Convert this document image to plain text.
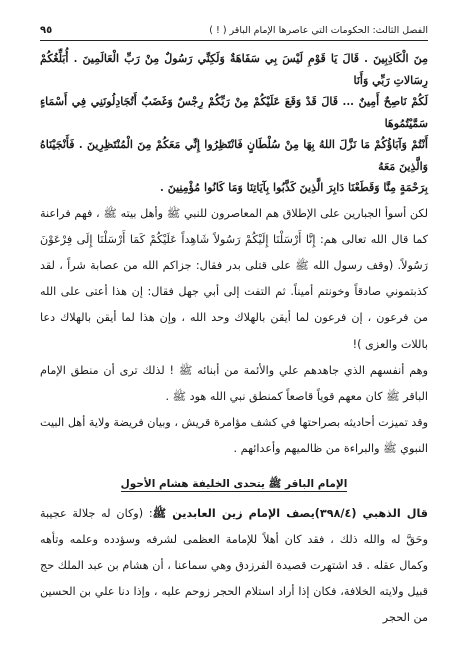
الفصل الثالث: الحكومات التي عاصرها الإمام الباقر ( ! )
٩٥

مِنَ الْكَاذِبِينَ . قَالَ يَا قَوْمِ لَيْسَ بِي سَفَاهَةٌ وَلَكِنِّي رَسُولٌ مِنْ رَبِّ الْعَالَمِينَ . أُبَلِّغُكُمْ رِسَالاتِ رَبِّي وَأَنَا

لَكُمْ نَاصِحٌ أَمِينٌ ... قَالَ قَدْ وَقَعَ عَلَيْكُمْ مِنْ رَبِّكُمْ رِجْسٌ وَغَضَبٌ أَتُجَادِلُونَنِي فِي أَسْمَاءٍ سَمَّيْتُمُوهَا

أَنْتُمْ وَآبَاؤُكُمْ مَا نَزَّلَ اللهُ بِهَا مِنْ سُلْطَانٍ فَانْتَظِرُوا إِنِّي مَعَكُمْ مِنَ الْمُنْتَظِرِينَ . فَأَنْجَيْنَاهُ وَالَّذِينَ مَعَهُ

بِرَحْمَةٍ مِنَّا وَقَطَعْنَا دَابِرَ الَّذِينَ كَذَّبُوا بِآيَاتِنَا وَمَا كَانُوا مُؤْمِنِينَ .

لكن أسوأ الجبارين على الإطلاق هم المعاصرون للنبي ﷺ وأهل بيته ﷺ ، فهم فراعنة كما قال الله تعالى هم: إِنَّا أَرْسَلْنَا إِلَيْكُمْ رَسُولاً شَاهِداً عَلَيْكُمْ كَمَا أَرْسَلْنَا إِلَى فِرْعَوْنَ رَسُولاً. (وقف رسول الله ﷺ على قتلى بدر فقال: جزاكم الله من عصابة شراً ، لقد كذبتموني صادقاً وخونتم أميناً. ثم التفت إلى أبي جهل فقال: إن هذا أعتى على الله من فرعون ، إن فرعون لما أيقن بالهلاك وحد الله ، وإن هذا لما أيقن بالهلاك دعا باللات والعزى )!

وهم أنفسهم الذي جاهدهم علي والأئمة من أبنائه ﷺ ! لذلك ترى أن منطق الإمام الباقر ﷺ كان معهم قوياً قاصعاً كمنطق نبي الله هود ﷺ .

وقد تميزت أحاديثه بصراحتها في كشف مؤامرة قريش ، وبيان فريضة ولاية أهل البيت النبوي ﷺ والبراءة من ظالميهم وأعدائهم .

الإمام الباقر ﷺ يتحدى الخليفة هشام الأحول

قال الذهبي (٣٩٨/٤)يصف الإمام زين العابدين ﷺ: (وكان له جلالة عجيبة وحَقَّ له والله ذلك ، فقد كان أهلاً للإمامة العظمى لشرفه وسؤدده وعلمه وتأهه وكمال عقله . قد اشتهرت قصيدة الفرزدق وهي سماعنا ، أن هشام بن عبد الملك حج قبيل ولايته الخلافة، فكان إذا أراد استلام الحجر زوحم عليه ، وإذا دنا علي بن الحسين من الحجر
